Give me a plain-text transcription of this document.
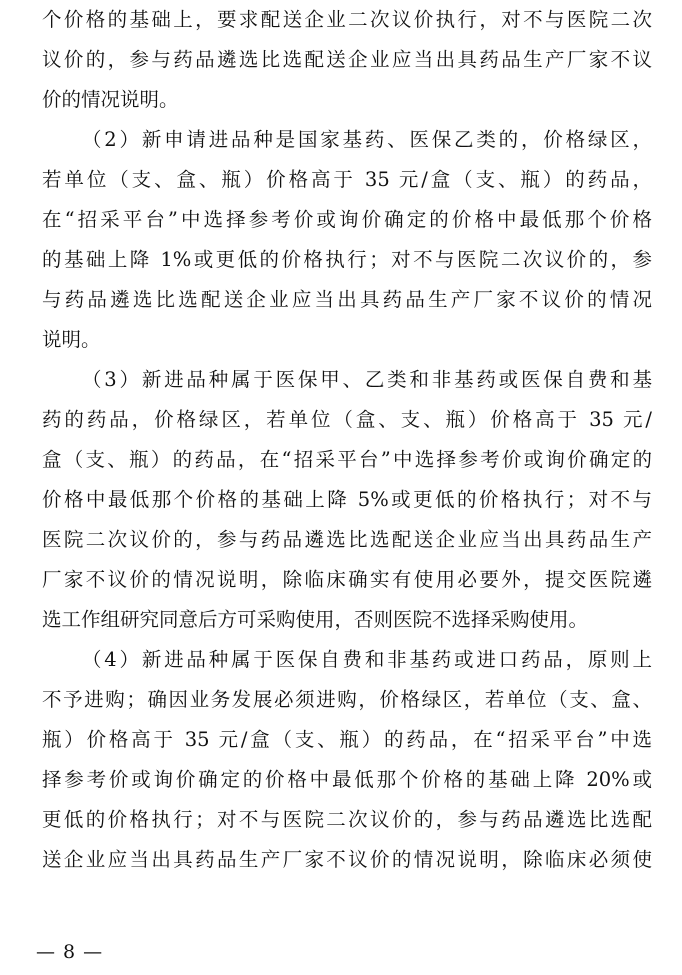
个价格的基础上，要求配送企业二次议价执行，对不与医院二次
议价的，参与药品遴选比选配送企业应当出具药品生产厂家不议
价的情况说明。
（2）新申请进品种是国家基药、医保乙类的，价格绿区，
若单位（支、盒、瓶）价格高于 35 元/盒（支、瓶）的药品，
在“招采平台”中选择参考价或询价确定的价格中最低那个价格
的基础上降 1%或更低的价格执行；对不与医院二次议价的，参
与药品遴选比选配送企业应当出具药品生产厂家不议价的情况
说明。
（3）新进品种属于医保甲、乙类和非基药或医保自费和基
药的药品，价格绿区，若单位（盒、支、瓶）价格高于 35 元/
盒（支、瓶）的药品，在“招采平台”中选择参考价或询价确定的
价格中最低那个价格的基础上降 5%或更低的价格执行；对不与
医院二次议价的，参与药品遴选比选配送企业应当出具药品生产
厂家不议价的情况说明，除临床确实有使用必要外，提交医院遴
选工作组研究同意后方可采购使用，否则医院不选择采购使用。
（4）新进品种属于医保自费和非基药或进口药品，原则上
不予进购；确因业务发展必须进购，价格绿区，若单位（支、盒、
瓶）价格高于 35 元/盒（支、瓶）的药品，在“招采平台”中选
择参考价或询价确定的价格中最低那个价格的基础上降 20%或
更低的价格执行；对不与医院二次议价的，参与药品遴选比选配
送企业应当出具药品生产厂家不议价的情况说明，除临床必须使
— 8 —
